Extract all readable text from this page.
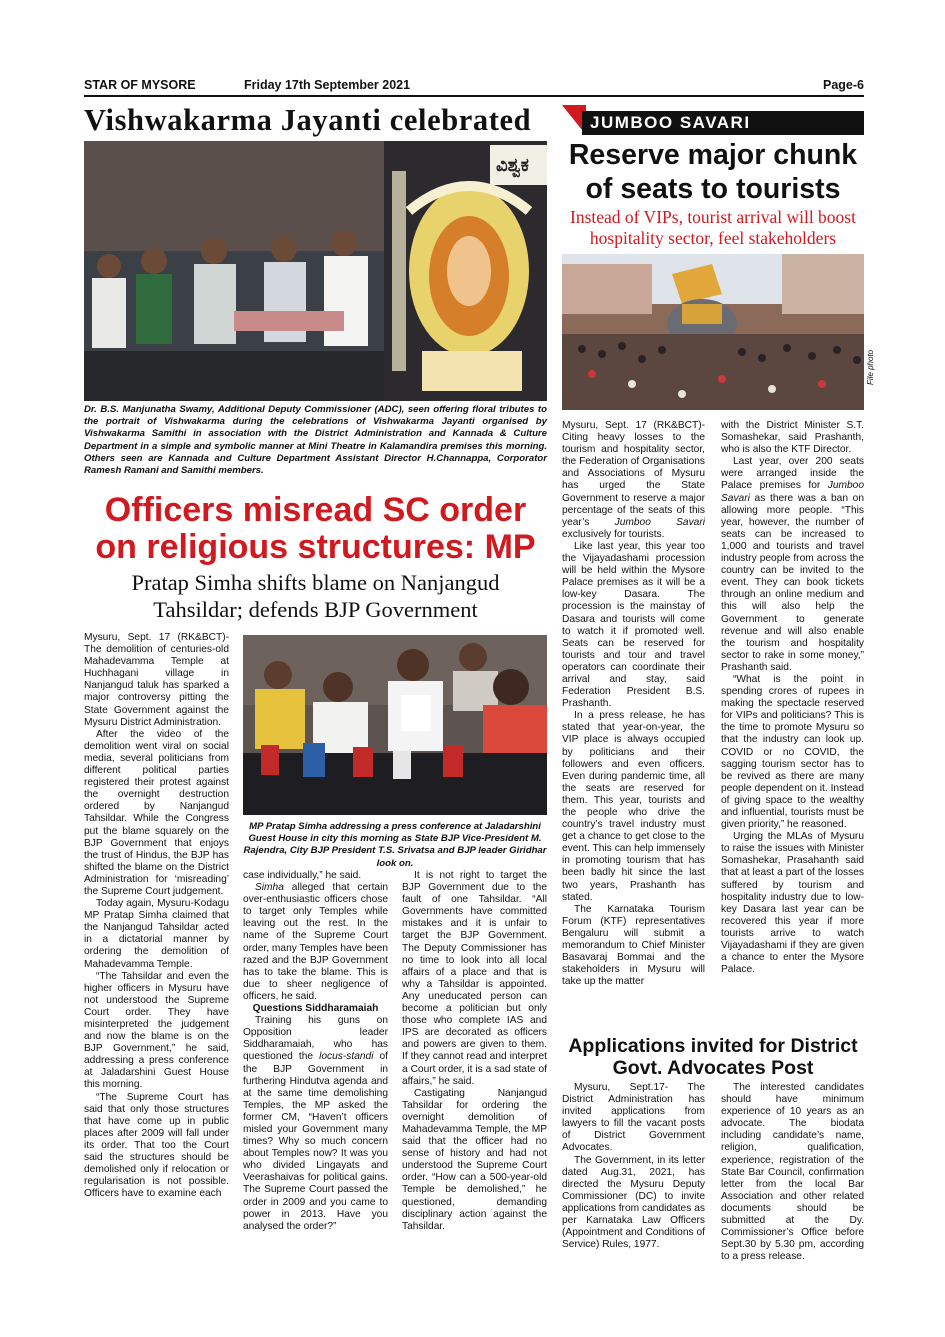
STAR OF MYSORE	Friday 17th September 2021	Page-6
Vishwakarma Jayanti celebrated
ವಿಶ್ವಕ
Dr. B.S. Manjunatha Swamy, Additional Deputy Commissioner (ADC), seen offering floral tributes to the portrait of Vishwakarma during the celebrations of Vishwakarma Jayanti organised by Vishwakarma Samithi in association with the District Administration and Kannada & Culture Department in a simple and symbolic manner at Mini Theatre in Kalamandira premises this morning. Others seen are Kannada and Culture Department Assistant Director H.Channappa, Corporator Ramesh Ramani and Samithi members.
Officers misread SC order
on religious structures: MP
Pratap Simha shifts blame on Nanjangud
Tahsildar; defends BJP Government

Mysuru, Sept. 17 (RK&BCT)- The demolition of centuries-old Mahadevamma Temple at Huchhagani village in Nanjangud taluk has sparked a major controversy pitting the State Government against the Mysuru District Administration.

After the video of the demolition went viral on social media, several politicians from different political parties registered their protest against the overnight destruction ordered by Nanjangud Tahsildar. While the Congress put the blame squarely on the BJP Government that enjoys the trust of Hindus, the BJP has shifted the blame on the District Administration for ‘misreading’ the Supreme Court judgement.

Today again, Mysuru-Kodagu MP Pratap Simha claimed that the Nanjangud Tahsildar acted in a dictatorial manner by ordering the demolition of Mahadevamma Temple.

“The Tahsildar and even the higher officers in Mysuru have not understood the Supreme Court order. They have misinterpreted the judgement and now the blame is on the BJP Government,” he said, addressing a press conference at Jaladarshini Guest House this morning.

“The Supreme Court has said that only those structures that have come up in public places after 2009 will fall under its order. That too the Court said the structures should be demolished only if relocation or regularisation is not possible. Officers have to examine each

MP Pratap Simha addressing a press conference at Jaladarshini Guest House in city this morning as State BJP Vice-President M. Rajendra, City BJP President T.S. Srivatsa and BJP leader Giridhar look on.

case individually,” he said.

Simha alleged that certain over-enthusiastic officers chose to target only Temples while leaving out the rest. In the name of the Supreme Court order, many Temples have been razed and the BJP Government has to take the blame. This is due to sheer negligence of officers, he said.

Questions Siddharamaiah

Training his guns on Opposition leader Siddharamaiah, who has questioned the locus-standi of the BJP Government in furthering Hindutva agenda and at the same time demolishing Temples, the MP asked the former CM, “Haven’t officers misled your Government many times? Why so much concern about Temples now? It was you who divided Lingayats and Veerashaivas for political gains. The Supreme Court passed the order in 2009 and you came to power in 2013. Have you analysed the order?”

It is not right to target the BJP Government due to the fault of one Tahsildar. “All Governments have committed mistakes and it is unfair to target the BJP Government. The Deputy Commissioner has no time to look into all local affairs of a place and that is why a Tahsildar is appointed. Any uneducated person can become a politician but only those who complete IAS and IPS are decorated as officers and powers are given to them. If they cannot read and interpret a Court order, it is a sad state of affairs,” he said.

Castigating Nanjangud Tahsildar for ordering the overnight demolition of Mahadevamma Temple, the MP said that the officer had no sense of history and had not understood the Supreme Court order. “How can a 500-year-old Temple be demolished,” he questioned, demanding disciplinary action against the Tahsildar.

JUMBOO SAVARI
Reserve major chunk
of seats to tourists
Instead of VIPs, tourist arrival will boost
hospitality sector, feel stakeholders
File photo

Mysuru, Sept. 17 (RK&BCT)- Citing heavy losses to the tourism and hospitality sector, the Federation of Organisations and Associations of Mysuru has urged the State Government to reserve a major percentage of the seats of this year’s Jumboo Savari exclusively for tourists.

Like last year, this year too the Vijayadashami procession will be held within the Mysore Palace premises as it will be a low-key Dasara. The procession is the mainstay of Dasara and tourists will come to watch it if promoted well. Seats can be reserved for tourists and tour and travel operators can coordinate their arrival and stay, said Federation President B.S. Prashanth.

In a press release, he has stated that year-on-year, the VIP place is always occupied by politicians and their followers and even officers. Even during pandemic time, all the seats are reserved for them. This year, tourists and the people who drive the country’s travel industry must get a chance to get close to the event. This can help immensely in promoting tourism that has been badly hit since the last two years, Prashanth has stated.

The Karnataka Tourism Forum (KTF) representatives Bengaluru will submit a memorandum to Chief Minister Basavaraj Bommai and the stakeholders in Mysuru will take up the matter

with the District Minister S.T. Somashekar, said Prashanth, who is also the KTF Director.

Last year, over 200 seats were arranged inside the Palace premises for Jumboo Savari as there was a ban on allowing more people. “This year, however, the number of seats can be increased to 1,000 and tourists and travel industry people from across the country can be invited to the event. They can book tickets through an online medium and this will also help the Government to generate revenue and will also enable the tourism and hospitality sector to rake in some money,” Prashanth said.

“What is the point in spending crores of rupees in making the spectacle reserved for VIPs and politicians? This is the time to promote Mysuru so that the industry can look up. COVID or no COVID, the sagging tourism sector has to be revived as there are many people dependent on it. Instead of giving space to the wealthy and influential, tourists must be given priority,” he reasoned.

Urging the MLAs of Mysuru to raise the issues with Minister Somashekar, Prasahanth said that at least a part of the losses suffered by tourism and hospitality industry due to low-key Dasara last year can be recovered this year if more tourists arrive to watch Vijayadashami if they are given a chance to enter the Mysore Palace.

Applications invited for District
Govt. Advocates Post

Mysuru, Sept.17- The District Administration has invited applications from lawyers to fill the vacant posts of District Government Advocates.

The Government, in its letter dated Aug.31, 2021, has directed the Mysuru Deputy Commissioner (DC) to invite applications from candidates as per Karnataka Law Officers (Appointment and Conditions of Service) Rules, 1977.

The interested candidates should have minimum experience of 10 years as an advocate. The biodata including candidate’s name, religion, qualification, experience, registration of the State Bar Council, confirmation letter from the local Bar Association and other related documents should be submitted at the Dy. Commissioner’s Office before Sept.30 by 5.30 pm, according to a press release.
